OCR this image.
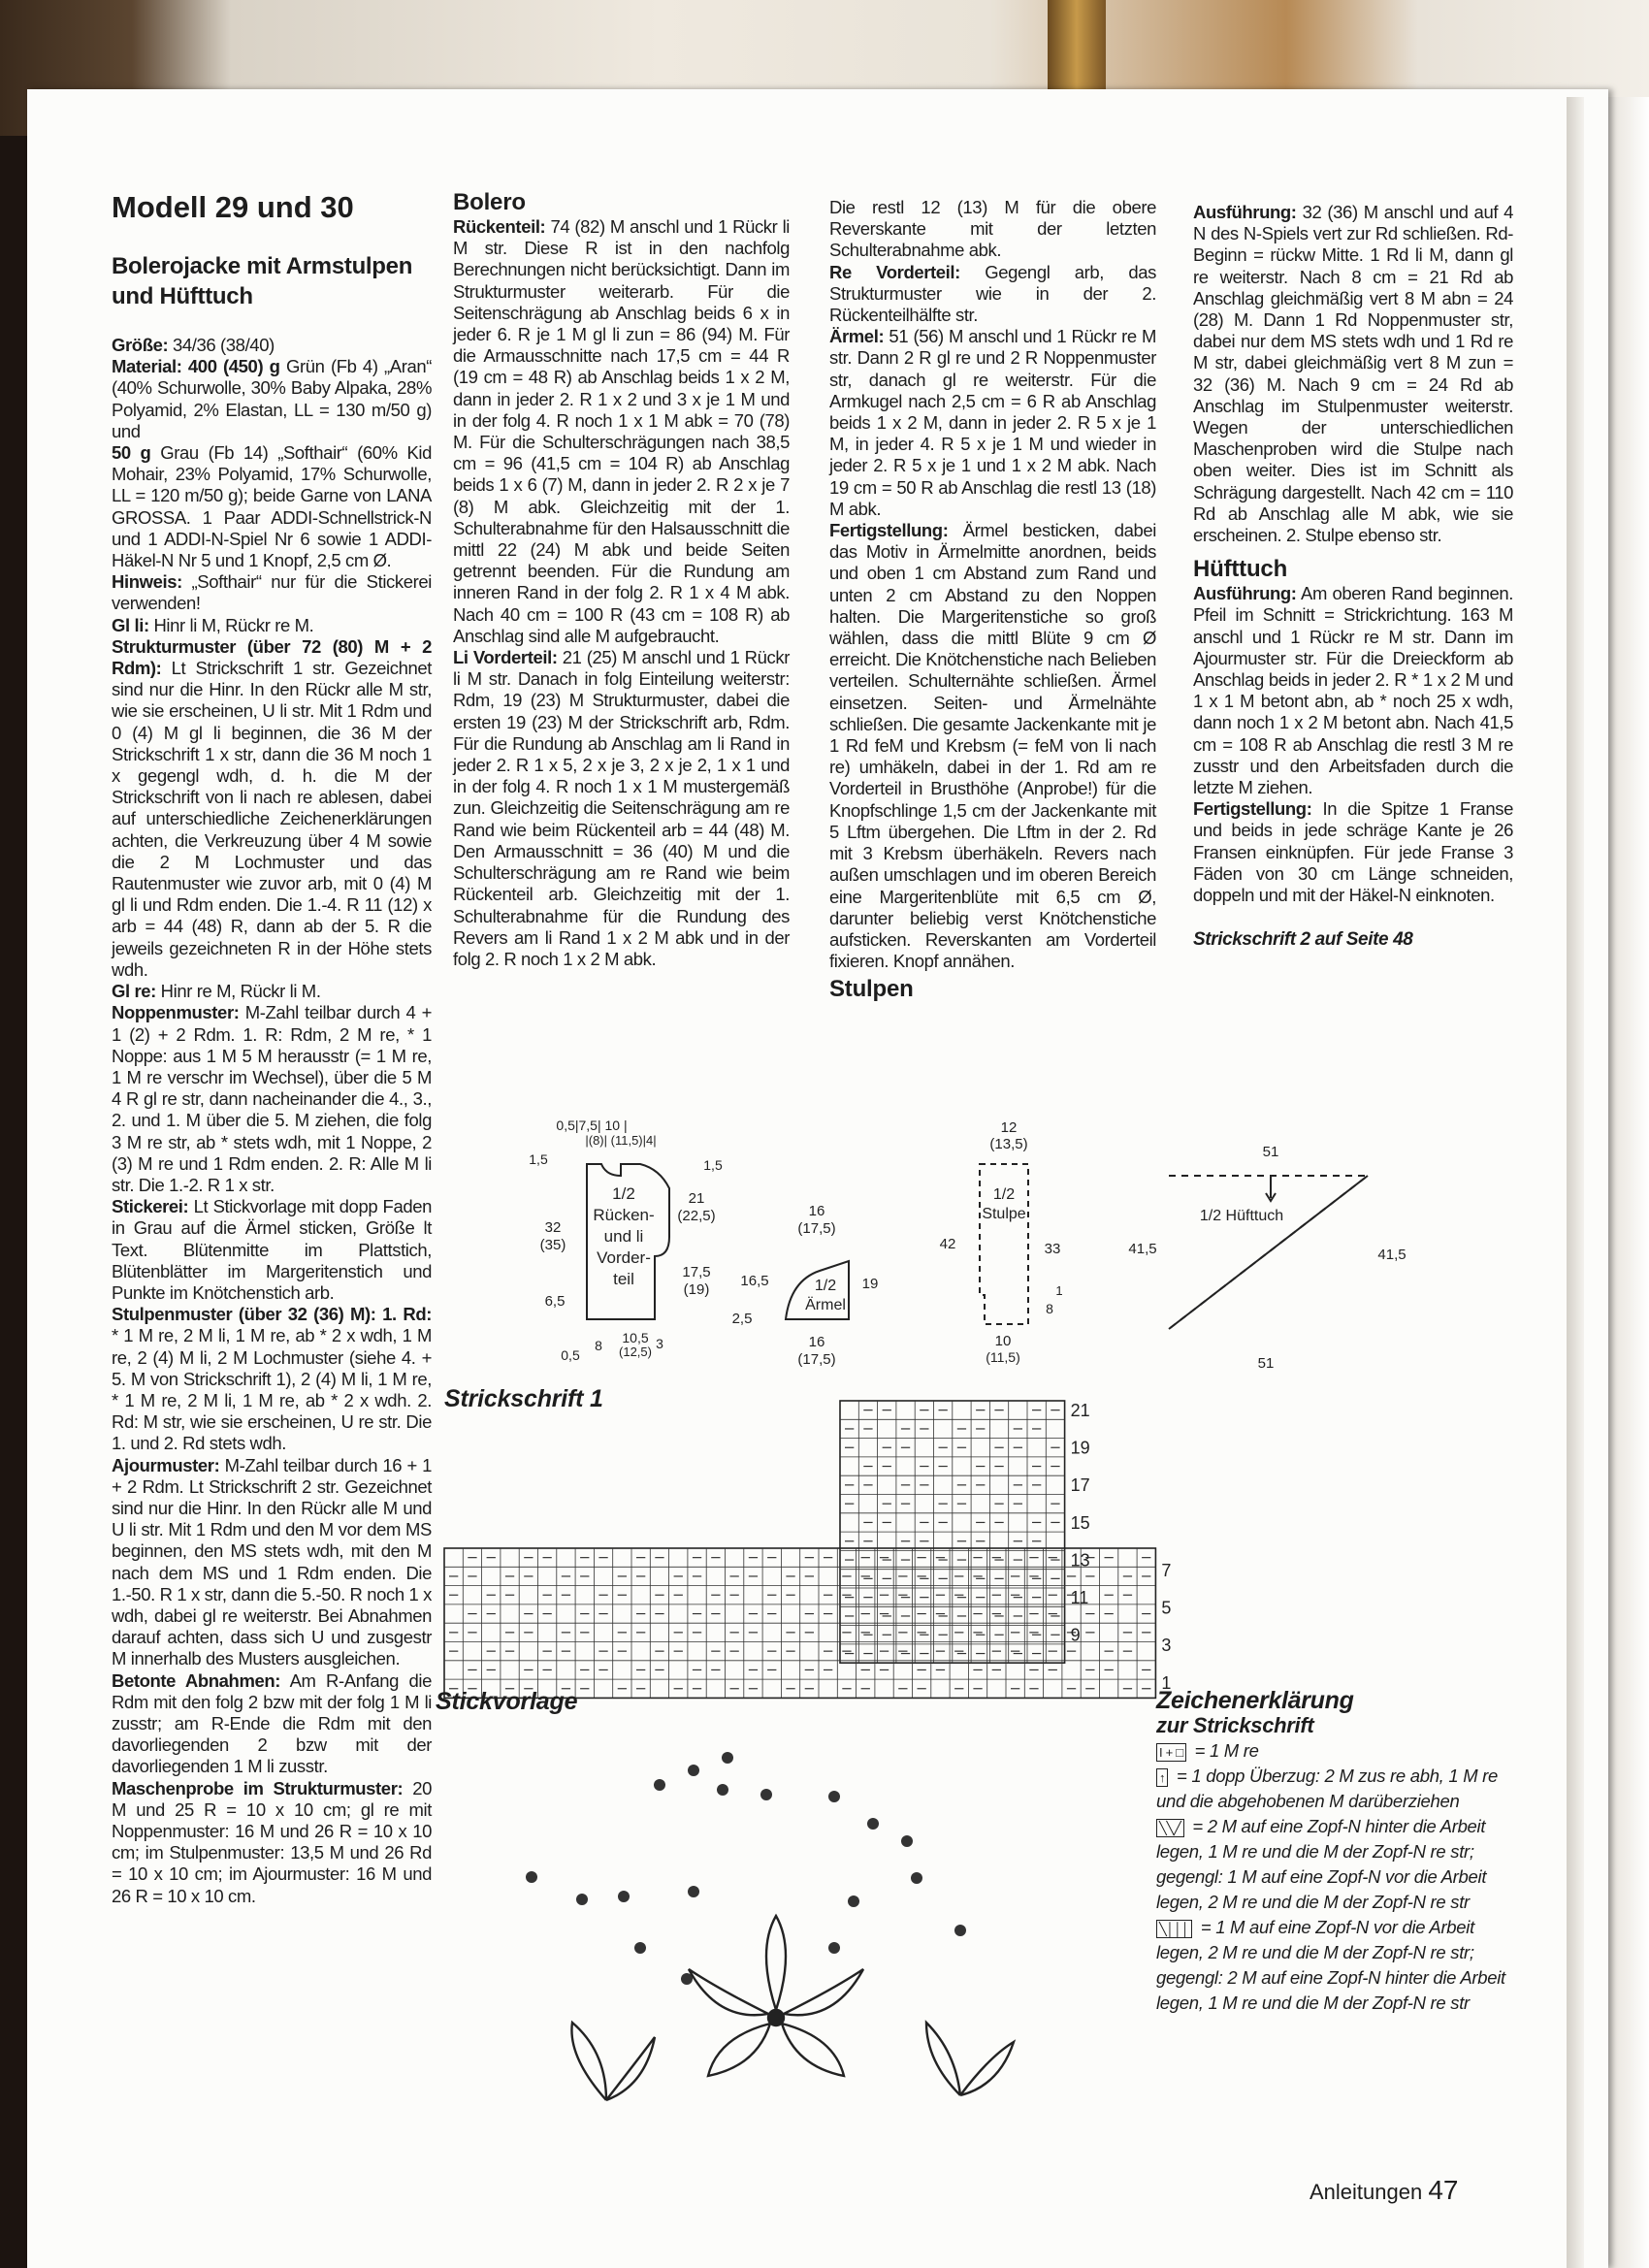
Modell 29 und 30
Bolerojacke mit Armstulpen und Hüfttuch

Größe: 34/36 (38/40)

Material: 400 (450) g Grün (Fb 4) „Aran“ (40% Schurwolle, 30% Baby Alpaka, 28% Polyamid, 2% Elastan, LL = 130 m/50 g) und

50 g Grau (Fb 14) „Softhair“ (60% Kid Mohair, 23% Polyamid, 17% Schurwolle, LL = 120 m/50 g); beide Garne von LANA GROSSA. 1 Paar ADDI-Schnellstrick-N und 1 ADDI-N-Spiel Nr 6 sowie 1 ADDI-Häkel-N Nr 5 und 1 Knopf, 2,5 cm Ø.

Hinweis: „Softhair“ nur für die Stickerei verwenden!

Gl li: Hinr li M, Rückr re M.

Strukturmuster (über 72 (80) M + 2 Rdm): Lt Strickschrift 1 str. Gezeichnet sind nur die Hinr. In den Rückr alle M str, wie sie erscheinen, U li str. Mit 1 Rdm und 0 (4) M gl li beginnen, die 36 M der Strickschrift 1 x str, dann die 36 M noch 1 x gegengl wdh, d. h. die M der Strickschrift von li nach re ablesen, dabei auf unterschiedliche Zeichenerklärungen achten, die Verkreuzung über 4 M sowie die 2 M Lochmuster und das Rautenmuster wie zuvor arb, mit 0 (4) M gl li und Rdm enden. Die 1.-4. R 11 (12) x arb = 44 (48) R, dann ab der 5. R die jeweils gezeichneten R in der Höhe stets wdh.

Gl re: Hinr re M, Rückr li M.

Noppenmuster: M-Zahl teilbar durch 4 + 1 (2) + 2 Rdm. 1. R: Rdm, 2 M re, * 1 Noppe: aus 1 M 5 M herausstr (= 1 M re, 1 M re verschr im Wechsel), über die 5 M 4 R gl re str, dann nacheinander die 4., 3., 2. und 1. M über die 5. M ziehen, die folg 3 M re str, ab * stets wdh, mit 1 Noppe, 2 (3) M re und 1 Rdm enden. 2. R: Alle M li str. Die 1.-2. R 1 x str.

Stickerei: Lt Stickvorlage mit dopp Faden in Grau auf die Ärmel sticken, Größe lt Text. Blütenmitte im Plattstich, Blütenblätter im Margeritenstich und Punkte im Knötchenstich arb.

Stulpenmuster (über 32 (36) M): 1. Rd: * 1 M re, 2 M li, 1 M re, ab * 2 x wdh, 1 M re, 2 (4) M li, 2 M Lochmuster (siehe 4. + 5. M von Strickschrift 1), 2 (4) M li, 1 M re, * 1 M re, 2 M li, 1 M re, ab * 2 x wdh. 2. Rd: M str, wie sie erscheinen, U re str. Die 1. und 2. Rd stets wdh.

Ajourmuster: M-Zahl teilbar durch 16 + 1 + 2 Rdm. Lt Strickschrift 2 str. Gezeichnet sind nur die Hinr. In den Rückr alle M und U li str. Mit 1 Rdm und den M vor dem MS beginnen, den MS stets wdh, mit den M nach dem MS und 1 Rdm enden. Die 1.-50. R 1 x str, dann die 5.-50. R noch 1 x wdh, dabei gl re weiterstr. Bei Abnahmen darauf achten, dass sich U und zusgestr M innerhalb des Musters ausgleichen.

Betonte Abnahmen: Am R-Anfang die Rdm mit den folg 2 bzw mit der folg 1 M li zusstr; am R-Ende die Rdm mit den davorliegenden 2 bzw mit der davorliegenden 1 M li zusstr.

Maschenprobe im Strukturmuster: 20 M und 25 R = 10 x 10 cm; gl re mit Noppenmuster: 16 M und 26 R = 10 x 10 cm; im Stulpenmuster: 13,5 M und 26 Rd = 10 x 10 cm; im Ajourmuster: 16 M und 26 R = 10 x 10 cm.

Bolero

Rückenteil: 74 (82) M anschl und 1 Rückr li M str. Diese R ist in den nachfolg Berechnungen nicht berücksichtigt. Dann im Strukturmuster weiterarb. Für die Seitenschrägung ab Anschlag beids 6 x in jeder 6. R je 1 M gl li zun = 86 (94) M. Für die Armausschnitte nach 17,5 cm = 44 R (19 cm = 48 R) ab Anschlag beids 1 x 2 M, dann in jeder 2. R 1 x 2 und 3 x je 1 M und in der folg 4. R noch 1 x 1 M abk = 70 (78) M. Für die Schulterschrägungen nach 38,5 cm = 96 (41,5 cm = 104 R) ab Anschlag beids 1 x 6 (7) M, dann in jeder 2. R 2 x je 7 (8) M abk. Gleichzeitig mit der 1. Schulterabnahme für den Halsausschnitt die mittl 22 (24) M abk und beide Seiten getrennt beenden. Für die Rundung am inneren Rand in der folg 2. R 1 x 4 M abk. Nach 40 cm = 100 R (43 cm = 108 R) ab Anschlag sind alle M aufgebraucht.

Li Vorderteil: 21 (25) M anschl und 1 Rückr li M str. Danach in folg Einteilung weiterstr: Rdm, 19 (23) M Strukturmuster, dabei die ersten 19 (23) M der Strickschrift arb, Rdm. Für die Rundung ab Anschlag am li Rand in jeder 2. R 1 x 5, 2 x je 3, 2 x je 2, 1 x 1 und in der folg 4. R noch 1 x 1 M mustergemäß zun. Gleichzeitig die Seitenschrägung am re Rand wie beim Rückenteil arb = 44 (48) M. Den Armausschnitt = 36 (40) M und die Schulterschrägung am re Rand wie beim Rückenteil arb. Gleichzeitig mit der 1. Schulterabnahme für die Rundung des Revers am li Rand 1 x 2 M abk und in der folg 2. R noch 1 x 2 M abk.

Die restl 12 (13) M für die obere Reverskante mit der letzten Schulterabnahme abk.

Re Vorderteil: Gegengl arb, das Strukturmuster wie in der 2. Rückenteilhälfte str.

Ärmel: 51 (56) M anschl und 1 Rückr re M str. Dann 2 R gl re und 2 R Noppenmuster str, danach gl re weiterstr. Für die Armkugel nach 2,5 cm = 6 R ab Anschlag beids 1 x 2 M, dann in jeder 2. R 5 x je 1 M, in jeder 4. R 5 x je 1 M und wieder in jeder 2. R 5 x je 1 und 1 x 2 M abk. Nach 19 cm = 50 R ab Anschlag die restl 13 (18) M abk.

Fertigstellung: Ärmel besticken, dabei das Motiv in Ärmelmitte anordnen, beids und oben 1 cm Abstand zum Rand und unten 2 cm Abstand zu den Noppen halten. Die Margeritenstiche so groß wählen, dass die mittl Blüte 9 cm Ø erreicht. Die Knötchenstiche nach Belieben verteilen. Schulternähte schließen. Ärmel einsetzen. Seiten- und Ärmelnähte schließen. Die gesamte Jackenkante mit je 1 Rd feM und Krebsm (= feM von li nach re) umhäkeln, dabei in der 1. Rd am re Vorderteil in Brusthöhe (Anprobe!) für die Knopfschlinge 1,5 cm der Jackenkante mit 5 Lftm übergehen. Die Lftm in der 2. Rd mit 3 Krebsm überhäkeln. Revers nach außen umschlagen und im oberen Bereich eine Margeritenblüte mit 6,5 cm Ø, darunter beliebig verst Knötchenstiche aufsticken. Reverskanten am Vorderteil fixieren. Knopf annähen.

Stulpen

Ausführung: 32 (36) M anschl und auf 4 N des N-Spiels vert zur Rd schließen. Rd-Beginn = rückw Mitte. 1 Rd li M, dann gl re weiterstr. Nach 8 cm = 21 Rd ab Anschlag gleichmäßig vert 8 M abn = 24 (28) M. Dann 1 Rd Noppenmuster str, dabei nur dem MS stets wdh und 1 Rd re M str, dabei gleichmäßig vert 8 M zun = 32 (36) M. Nach 9 cm = 24 Rd ab Anschlag im Stulpenmuster weiterstr. Wegen der unterschiedlichen Maschenproben wird die Stulpe nach oben weiter. Dies ist im Schnitt als Schrägung dargestellt. Nach 42 cm = 110 Rd ab Anschlag alle M abk, wie sie erscheinen. 2. Stulpe ebenso str.

Hüfttuch

Ausführung: Am oberen Rand beginnen. Pfeil im Schnitt = Strickrichtung. 163 M anschl und 1 Rückr re M str. Dann im Ajourmuster str. Für die Dreieckform ab Anschlag beids in jeder 2. R * 1 x 2 M und 1 x 1 M betont abn, ab * noch 25 x wdh, dann noch 1 x 2 M betont abn. Nach 41,5 cm = 108 R ab Anschlag die restl 3 M re zusstr und den Arbeitsfaden durch die letzte M ziehen.

Fertigstellung: In die Spitze 1 Franse und beids in jede schräge Kante je 26 Fransen einknüpfen. Für jede Franse 3 Fäden von 30 cm Länge schneiden, doppeln und mit der Häkel-N einknoten.

Strickschrift 2 auf Seite 48
1/2
Rücken-
und li
Vorder-
teil
0,5|7,5| 10 |
|(8)| (11,5)|4|
1,5	1,5
32
(35)
21
(22,5)
17,5
(19)
6,5
0,5
8 10,5
(12,5)
3
1/2
Ärmel
16
(17,5)
16,5
2,5
19
16
(17,5)
1/2
Stulpe
12
(13,5)
42	33
1
8
10
(11,5)
1/2 Hüfttuch
51
41,5	41,5
51
Strickschrift 1	21
19
17
15
13
11
9
7
5
3
1
Stickvorlage	Zeichenerklärung
zur Strickschrift
I + □ = 1 M re
↑ = 1 dopp Überzug: 2 M zus re abh, 1 M re und die abgehobenen M darüberziehen
╲╲╱ = 2 M auf eine Zopf-N hinter die Arbeit legen, 1 M re und die M der Zopf-N re str; gegengl: 1 M auf eine Zopf-N vor die Arbeit legen, 2 M re und die M der Zopf-N re str
╲│││ = 1 M auf eine Zopf-N vor die Arbeit legen, 2 M re und die M der Zopf-N re str; gegengl: 2 M auf eine Zopf-N hinter die Arbeit legen, 1 M re und die M der Zopf-N re str
Anleitungen 47
